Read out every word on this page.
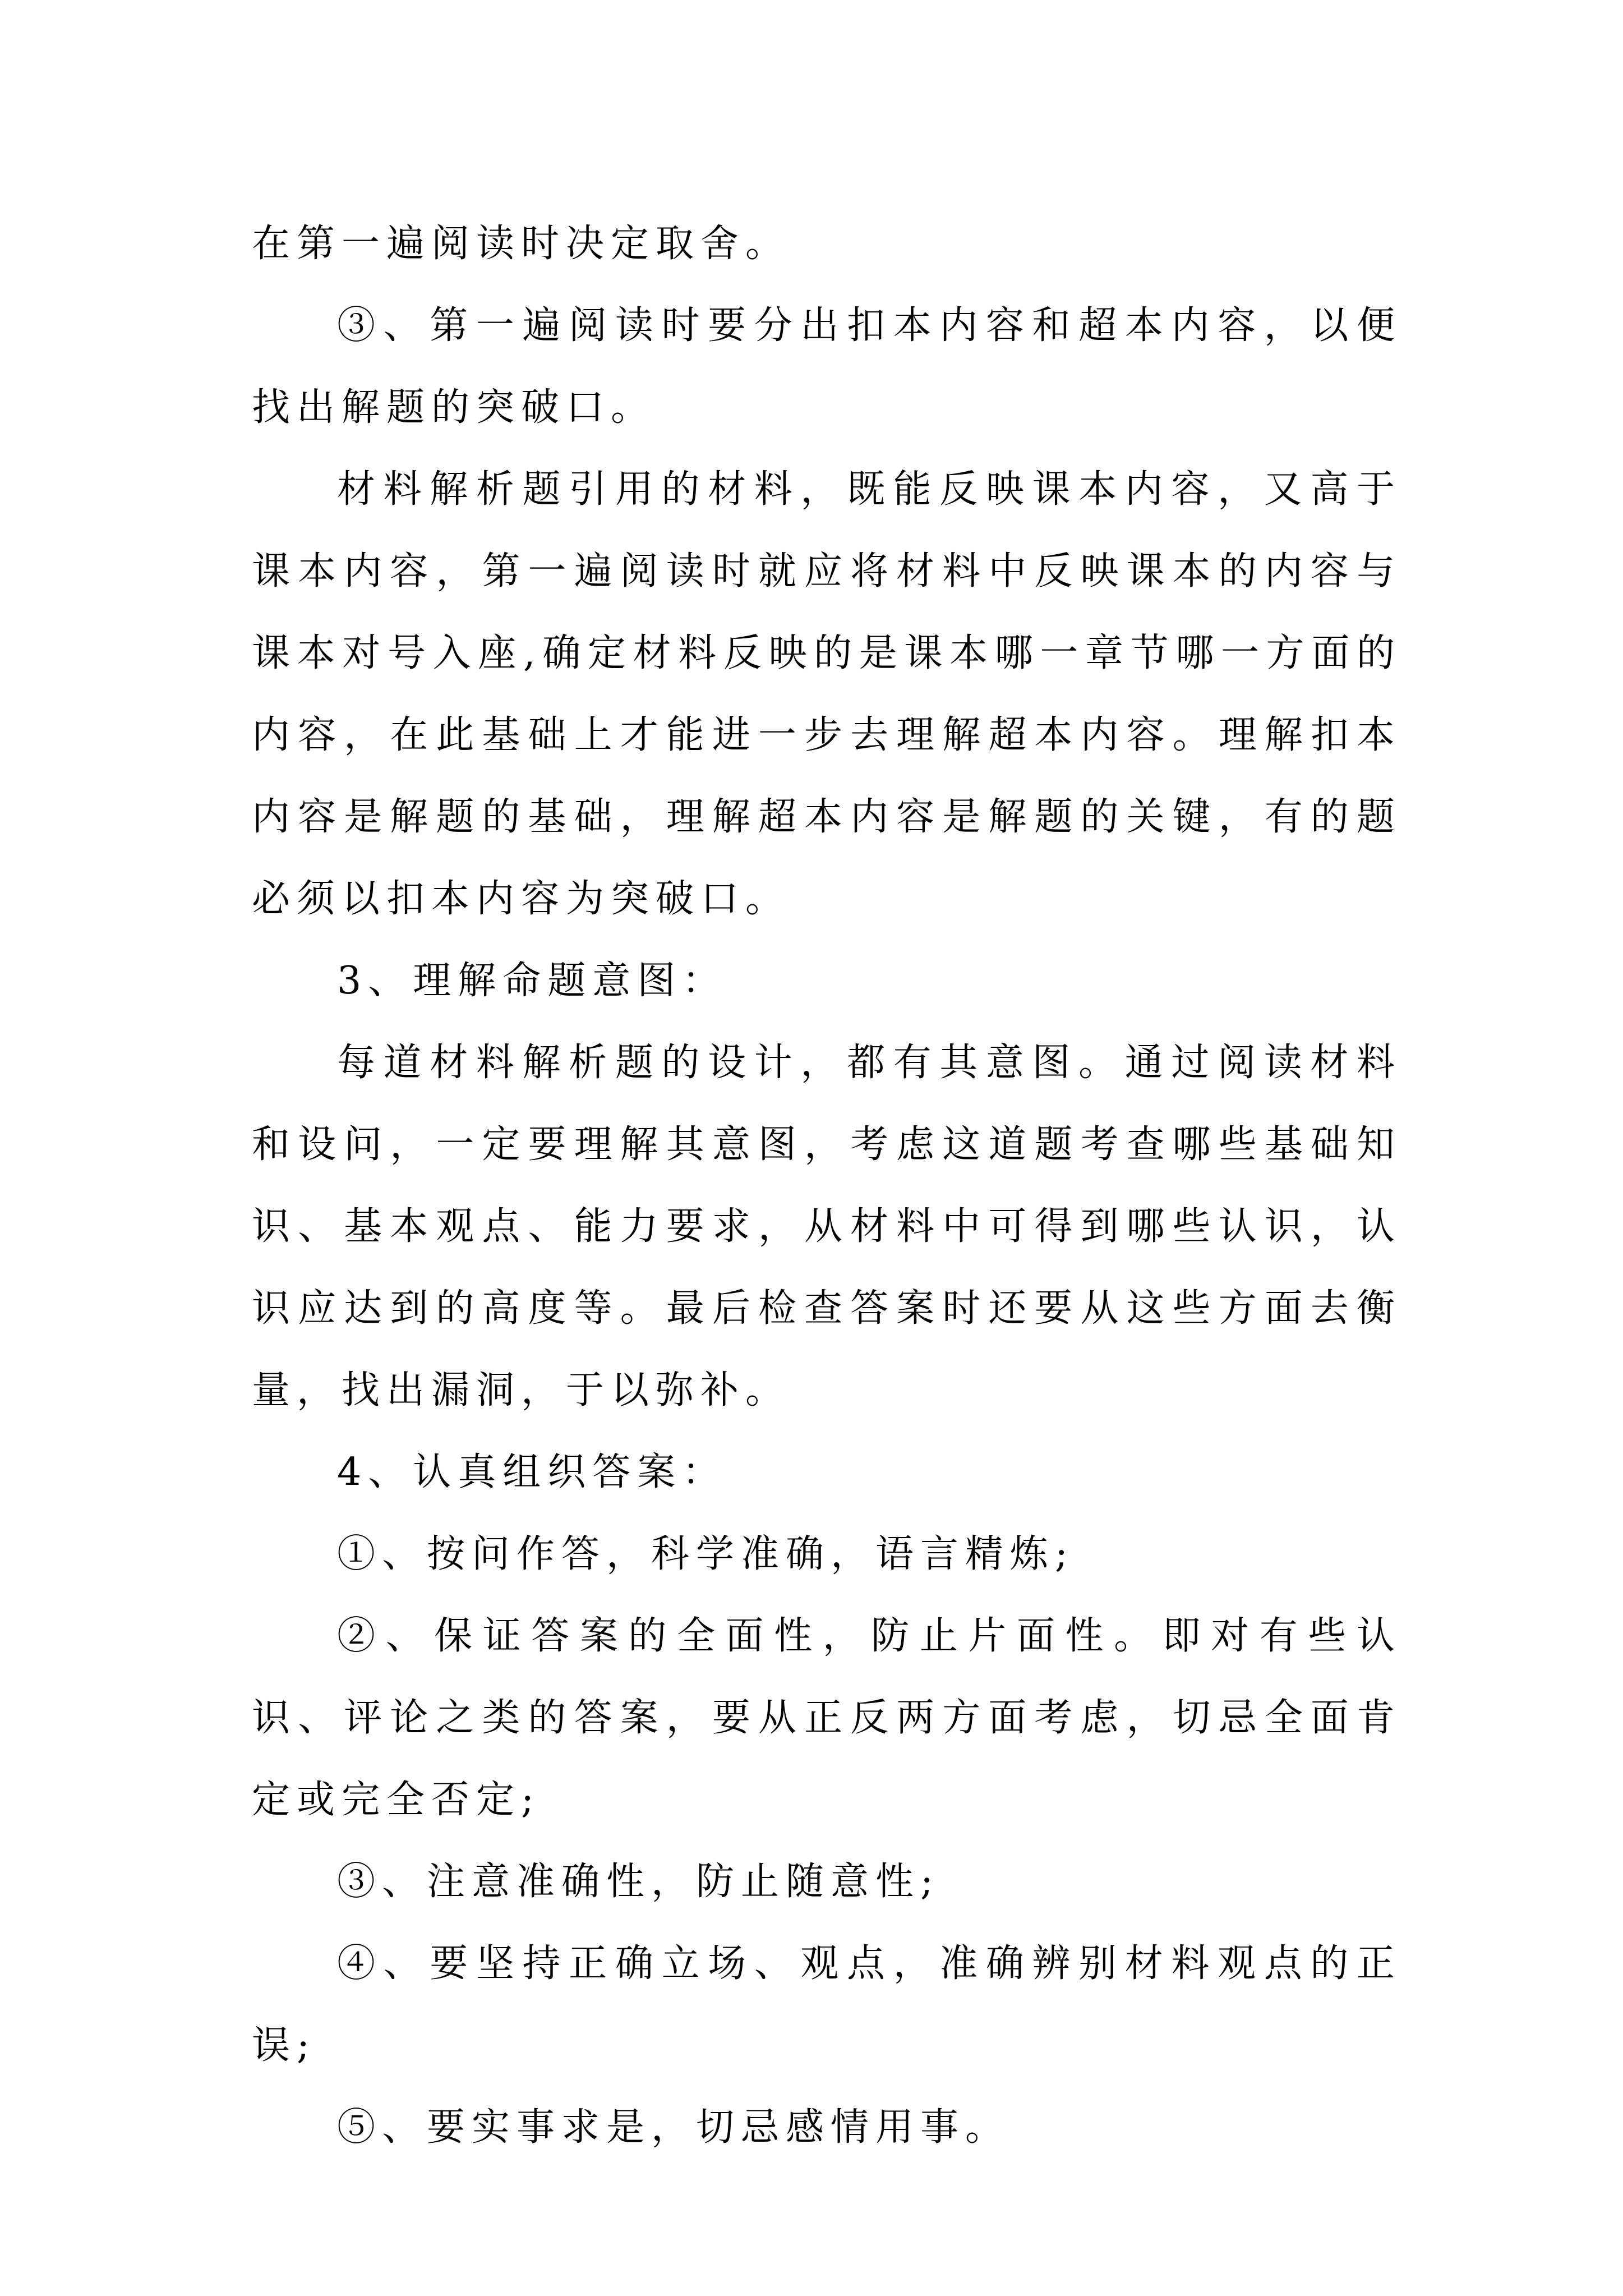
在第一遍阅读时决定取舍。

③、第一遍阅读时要分出扣本内容和超本内容，以便找出解题的突破口。

材料解析题引用的材料，既能反映课本内容，又高于课本内容，第一遍阅读时就应将材料中反映课本的内容与课本对号入座,确定材料反映的是课本哪一章节哪一方面的内容，在此基础上才能进一步去理解超本内容。理解扣本内容是解题的基础，理解超本内容是解题的关键，有的题必须以扣本内容为突破口。

3、理解命题意图：

每道材料解析题的设计，都有其意图。通过阅读材料和设问，一定要理解其意图，考虑这道题考查哪些基础知识、基本观点、能力要求，从材料中可得到哪些认识，认识应达到的高度等。最后检查答案时还要从这些方面去衡量，找出漏洞，于以弥补。

4、认真组织答案：

①、按问作答，科学准确，语言精炼;

②、保证答案的全面性，防止片面性。即对有些认识、评论之类的答案，要从正反两方面考虑，切忌全面肯定或完全否定;

③、注意准确性，防止随意性;

④、要坚持正确立场、观点，准确辨别材料观点的正误;

⑤、要实事求是，切忌感情用事。
